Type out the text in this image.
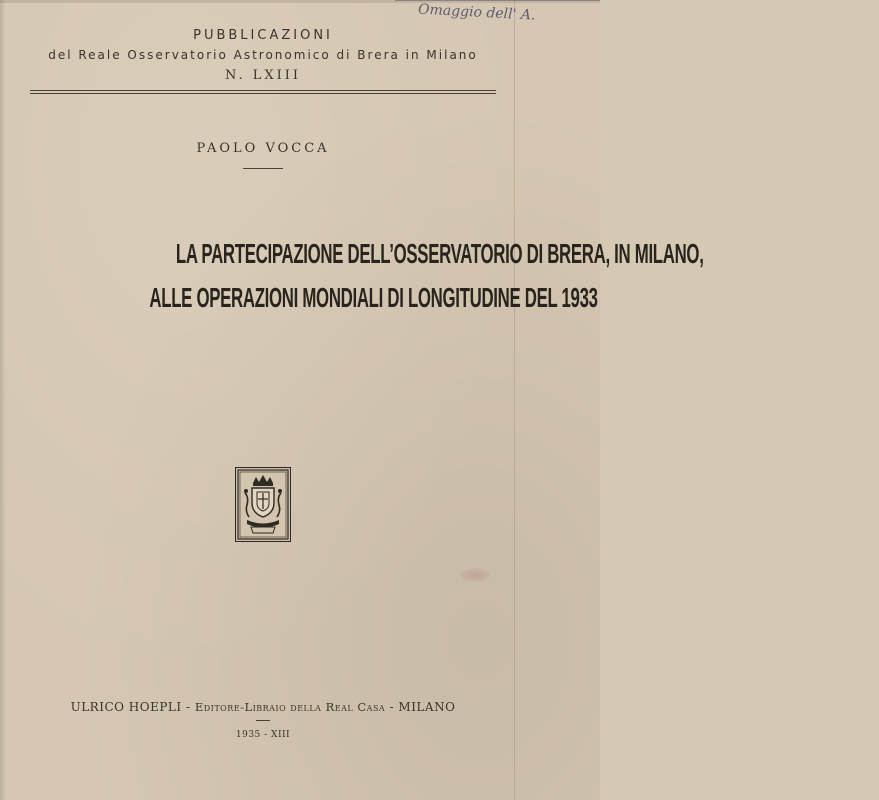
Omaggio dell' A.
PUBBLICAZIONI
del Reale Osservatorio Astronomico di Brera in Milano
N. LXIII
PAOLO VOCCA
LA PARTECIPAZIONE DELL’OSSERVATORIO DI BRERA, IN MILANO,
ALLE OPERAZIONI MONDIALI DI LONGITUDINE DEL 1933
ULRICO HOEPLI - Editore-Libraio della Real Casa - MILANO
1935 - XIII
